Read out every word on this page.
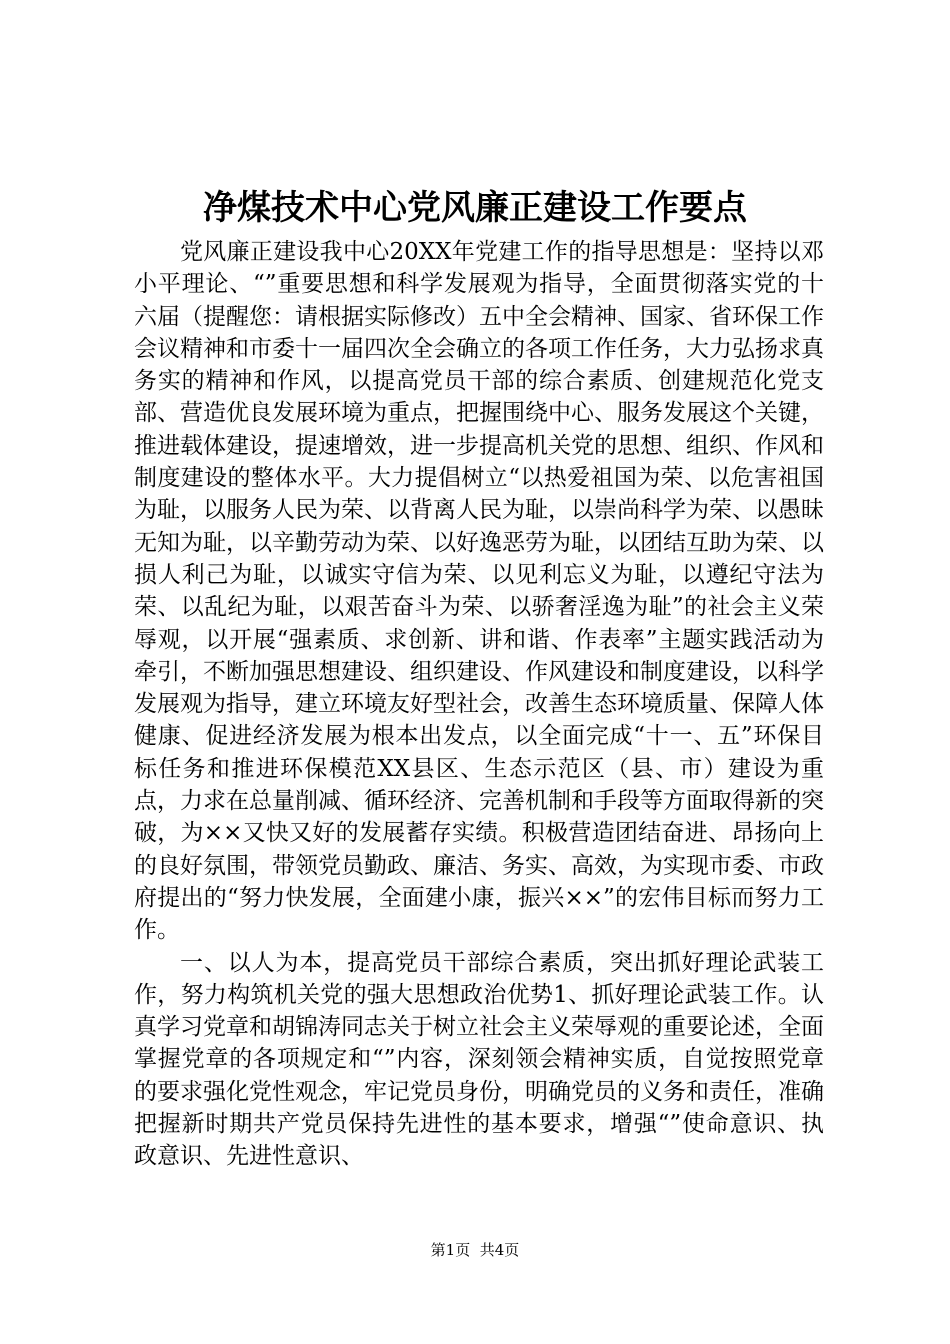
净煤技术中心党风廉正建设工作要点

党风廉正建设我中心20XX年党建工作的指导思想是：坚持以邓小平理论、“”重要思想和科学发展观为指导，全面贯彻落实党的十六届（提醒您：请根据实际修改）五中全会精神、国家、省环保工作会议精神和市委十一届四次全会确立的各项工作任务，大力弘扬求真务实的精神和作风，以提高党员干部的综合素质、创建规范化党支部、营造优良发展环境为重点，把握围绕中心、服务发展这个关键，推进载体建设，提速增效，进一步提高机关党的思想、组织、作风和制度建设的整体水平。大力提倡树立“以热爱祖国为荣、以危害祖国为耻，以服务人民为荣、以背离人民为耻，以崇尚科学为荣、以愚昧无知为耻，以辛勤劳动为荣、以好逸恶劳为耻，以团结互助为荣、以损人利己为耻，以诚实守信为荣、以见利忘义为耻，以遵纪守法为荣、以乱纪为耻，以艰苦奋斗为荣、以骄奢淫逸为耻”的社会主义荣辱观，以开展“强素质、求创新、讲和谐、作表率”主题实践活动为牵引，不断加强思想建设、组织建设、作风建设和制度建设，以科学发展观为指导，建立环境友好型社会，改善生态环境质量、保障人体健康、促进经济发展为根本出发点，以全面完成“十一、五”环保目标任务和推进环保模范XX县区、生态示范区（县、市）建设为重点，力求在总量削减、循环经济、完善机制和手段等方面取得新的突破，为××又快又好的发展蓄存实绩。积极营造团结奋进、昂扬向上的良好氛围，带领党员勤政、廉洁、务实、高效，为实现市委、市政府提出的“努力快发展，全面建小康，振兴××”的宏伟目标而努力工作。

一、以人为本，提高党员干部综合素质，突出抓好理论武装工作，努力构筑机关党的强大思想政治优势1、抓好理论武装工作。认真学习党章和胡锦涛同志关于树立社会主义荣辱观的重要论述，全面掌握党章的各项规定和“”内容，深刻领会精神实质，自觉按照党章的要求强化党性观念，牢记党员身份，明确党员的义务和责任，准确把握新时期共产党员保持先进性的基本要求，增强“”使命意识、执政意识、先进性意识、

第1页 共4页
